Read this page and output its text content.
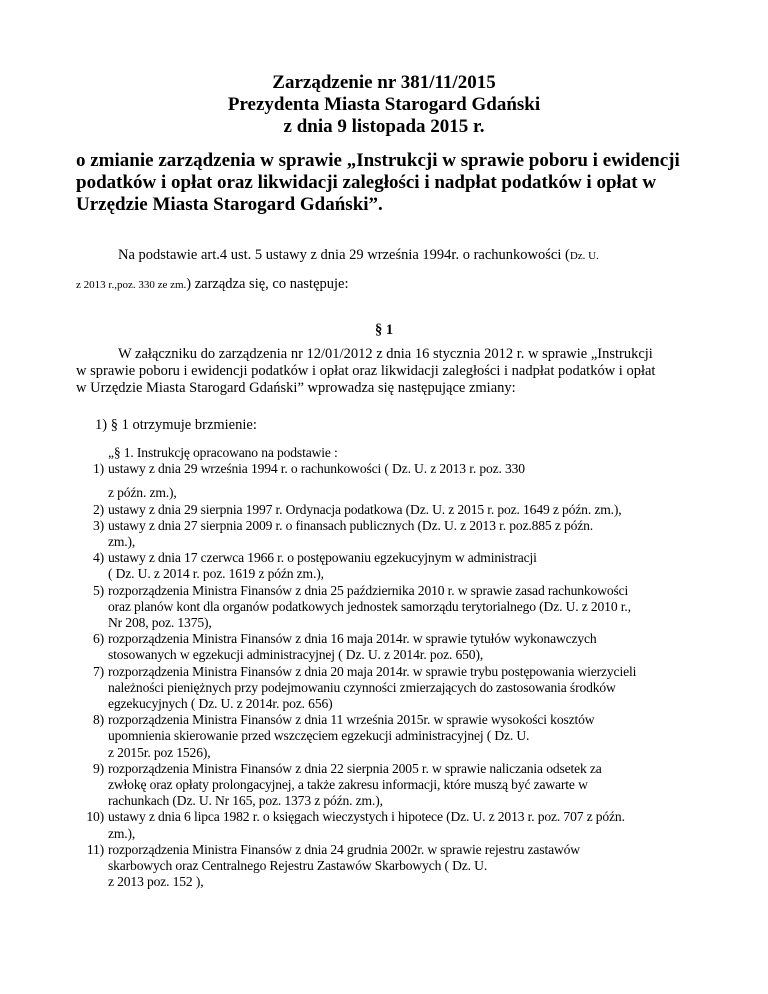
Zarządzenie nr 381/11/2015
Prezydenta Miasta Starogard Gdański
z dnia 9 listopada 2015 r.
o zmianie zarządzenia w sprawie „Instrukcji w sprawie poboru i ewidencji
podatków i opłat oraz likwidacji zaległości i nadpłat podatków i opłat w
Urzędzie Miasta Starogard Gdański”.
Na podstawie art.4 ust. 5 ustawy z dnia 29 września 1994r. o rachunkowości (Dz. U.
z 2013 r.,poz. 330 ze zm.) zarządza się, co następuje:
§ 1
W załączniku do zarządzenia nr 12/01/2012 z dnia 16 stycznia 2012 r. w sprawie „Instrukcji
w sprawie poboru i ewidencji podatków i opłat oraz likwidacji zaległości i nadpłat podatków i opłat
w Urzędzie Miasta Starogard Gdański” wprowadza się następujące zmiany:
1) § 1 otrzymuje brzmienie:
„§ 1. Instrukcję opracowano na podstawie :
1) ustawy z dnia 29 września 1994 r. o rachunkowości ( Dz. U. z 2013 r. poz. 330
z późn. zm.),
2) ustawy z dnia 29 sierpnia 1997 r. Ordynacja podatkowa (Dz. U. z 2015 r. poz. 1649 z późn. zm.),
3) ustawy z dnia 27 sierpnia 2009 r. o finansach publicznych (Dz. U. z 2013 r. poz.885 z późn.
zm.),
4) ustawy z dnia 17 czerwca 1966 r. o postępowaniu egzekucyjnym w administracji
( Dz. U. z 2014 r. poz. 1619 z późn zm.),
5) rozporządzenia Ministra Finansów z dnia 25 października 2010 r. w sprawie zasad rachunkowości
oraz planów kont dla organów podatkowych jednostek samorządu terytorialnego (Dz. U. z 2010 r.,
Nr 208, poz. 1375),
6) rozporządzenia Ministra Finansów z dnia 16 maja 2014r. w sprawie tytułów wykonawczych
stosowanych w egzekucji administracyjnej ( Dz. U. z 2014r. poz. 650),
7) rozporządzenia Ministra Finansów z dnia 20 maja 2014r. w sprawie trybu postępowania wierzycieli
należności pieniężnych przy podejmowaniu czynności zmierzających do zastosowania środków
egzekucyjnych ( Dz. U. z 2014r. poz. 656)
8) rozporządzenia Ministra Finansów z dnia 11 września 2015r. w sprawie wysokości kosztów
upomnienia skierowanie przed wszczęciem egzekucji administracyjnej ( Dz. U.
z 2015r. poz 1526),
9) rozporządzenia Ministra Finansów z dnia 22 sierpnia 2005 r. w sprawie naliczania odsetek za
zwłokę oraz opłaty prolongacyjnej, a także zakresu informacji, które muszą być zawarte w
rachunkach (Dz. U. Nr 165, poz. 1373 z późn. zm.),
10) ustawy z dnia 6 lipca 1982 r. o księgach wieczystych i hipotece (Dz. U. z 2013 r. poz. 707 z późn.
zm.),
11) rozporządzenia Ministra Finansów z dnia 24 grudnia 2002r. w sprawie rejestru zastawów
skarbowych oraz Centralnego Rejestru Zastawów Skarbowych ( Dz. U.
z 2013 poz. 152 ),
